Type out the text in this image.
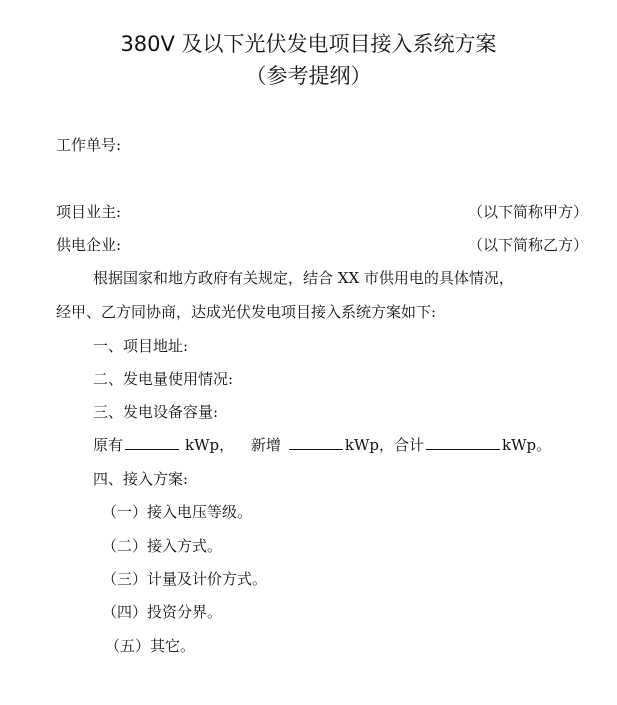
380V 及以下光伏发电项目接入系统方案
（参考提纲）
工作单号:
项目业主:	（以下简称甲方）
供电企业:	（以下简称乙方）
根据国家和地方政府有关规定，结合 XX 市供用电的具体情况，
经甲、乙方同协商，达成光伏发电项目接入系统方案如下:
一、项目地址:
二、发电量使用情况:
三、发电设备容量:
原有	kWp， 新增	kWp，合计	kWp。
四、接入方案:
（一）接入电压等级。
（二）接入方式。
（三）计量及计价方式。
（四）投资分界。
（五）其它。
